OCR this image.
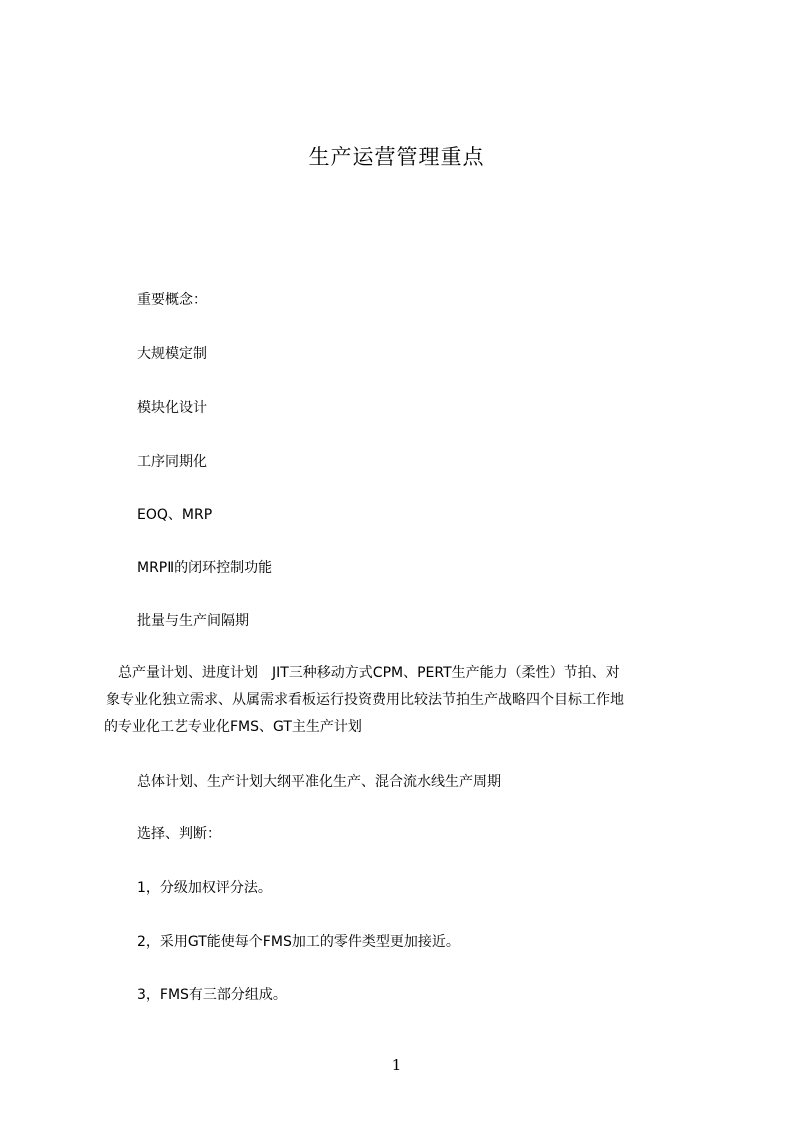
生产运营管理重点
重要概念：
大规模定制
模块化设计
工序同期化
EOQ、MRP
MRPⅡ的闭环控制功能
批量与生产间隔期
　总产量计划、进度计划　JIT三种移动方式CPM、PERT生产能力（柔性）节拍、对
象专业化独立需求、从属需求看板运行投资费用比较法节拍生产战略四个目标工作地
的专业化工艺专业化FMS、GT主生产计划
总体计划、生产计划大纲平准化生产、混合流水线生产周期
选择、判断：
1，分级加权评分法。
2，采用GT能使每个FMS加工的零件类型更加接近。
3，FMS有三部分组成。
1
